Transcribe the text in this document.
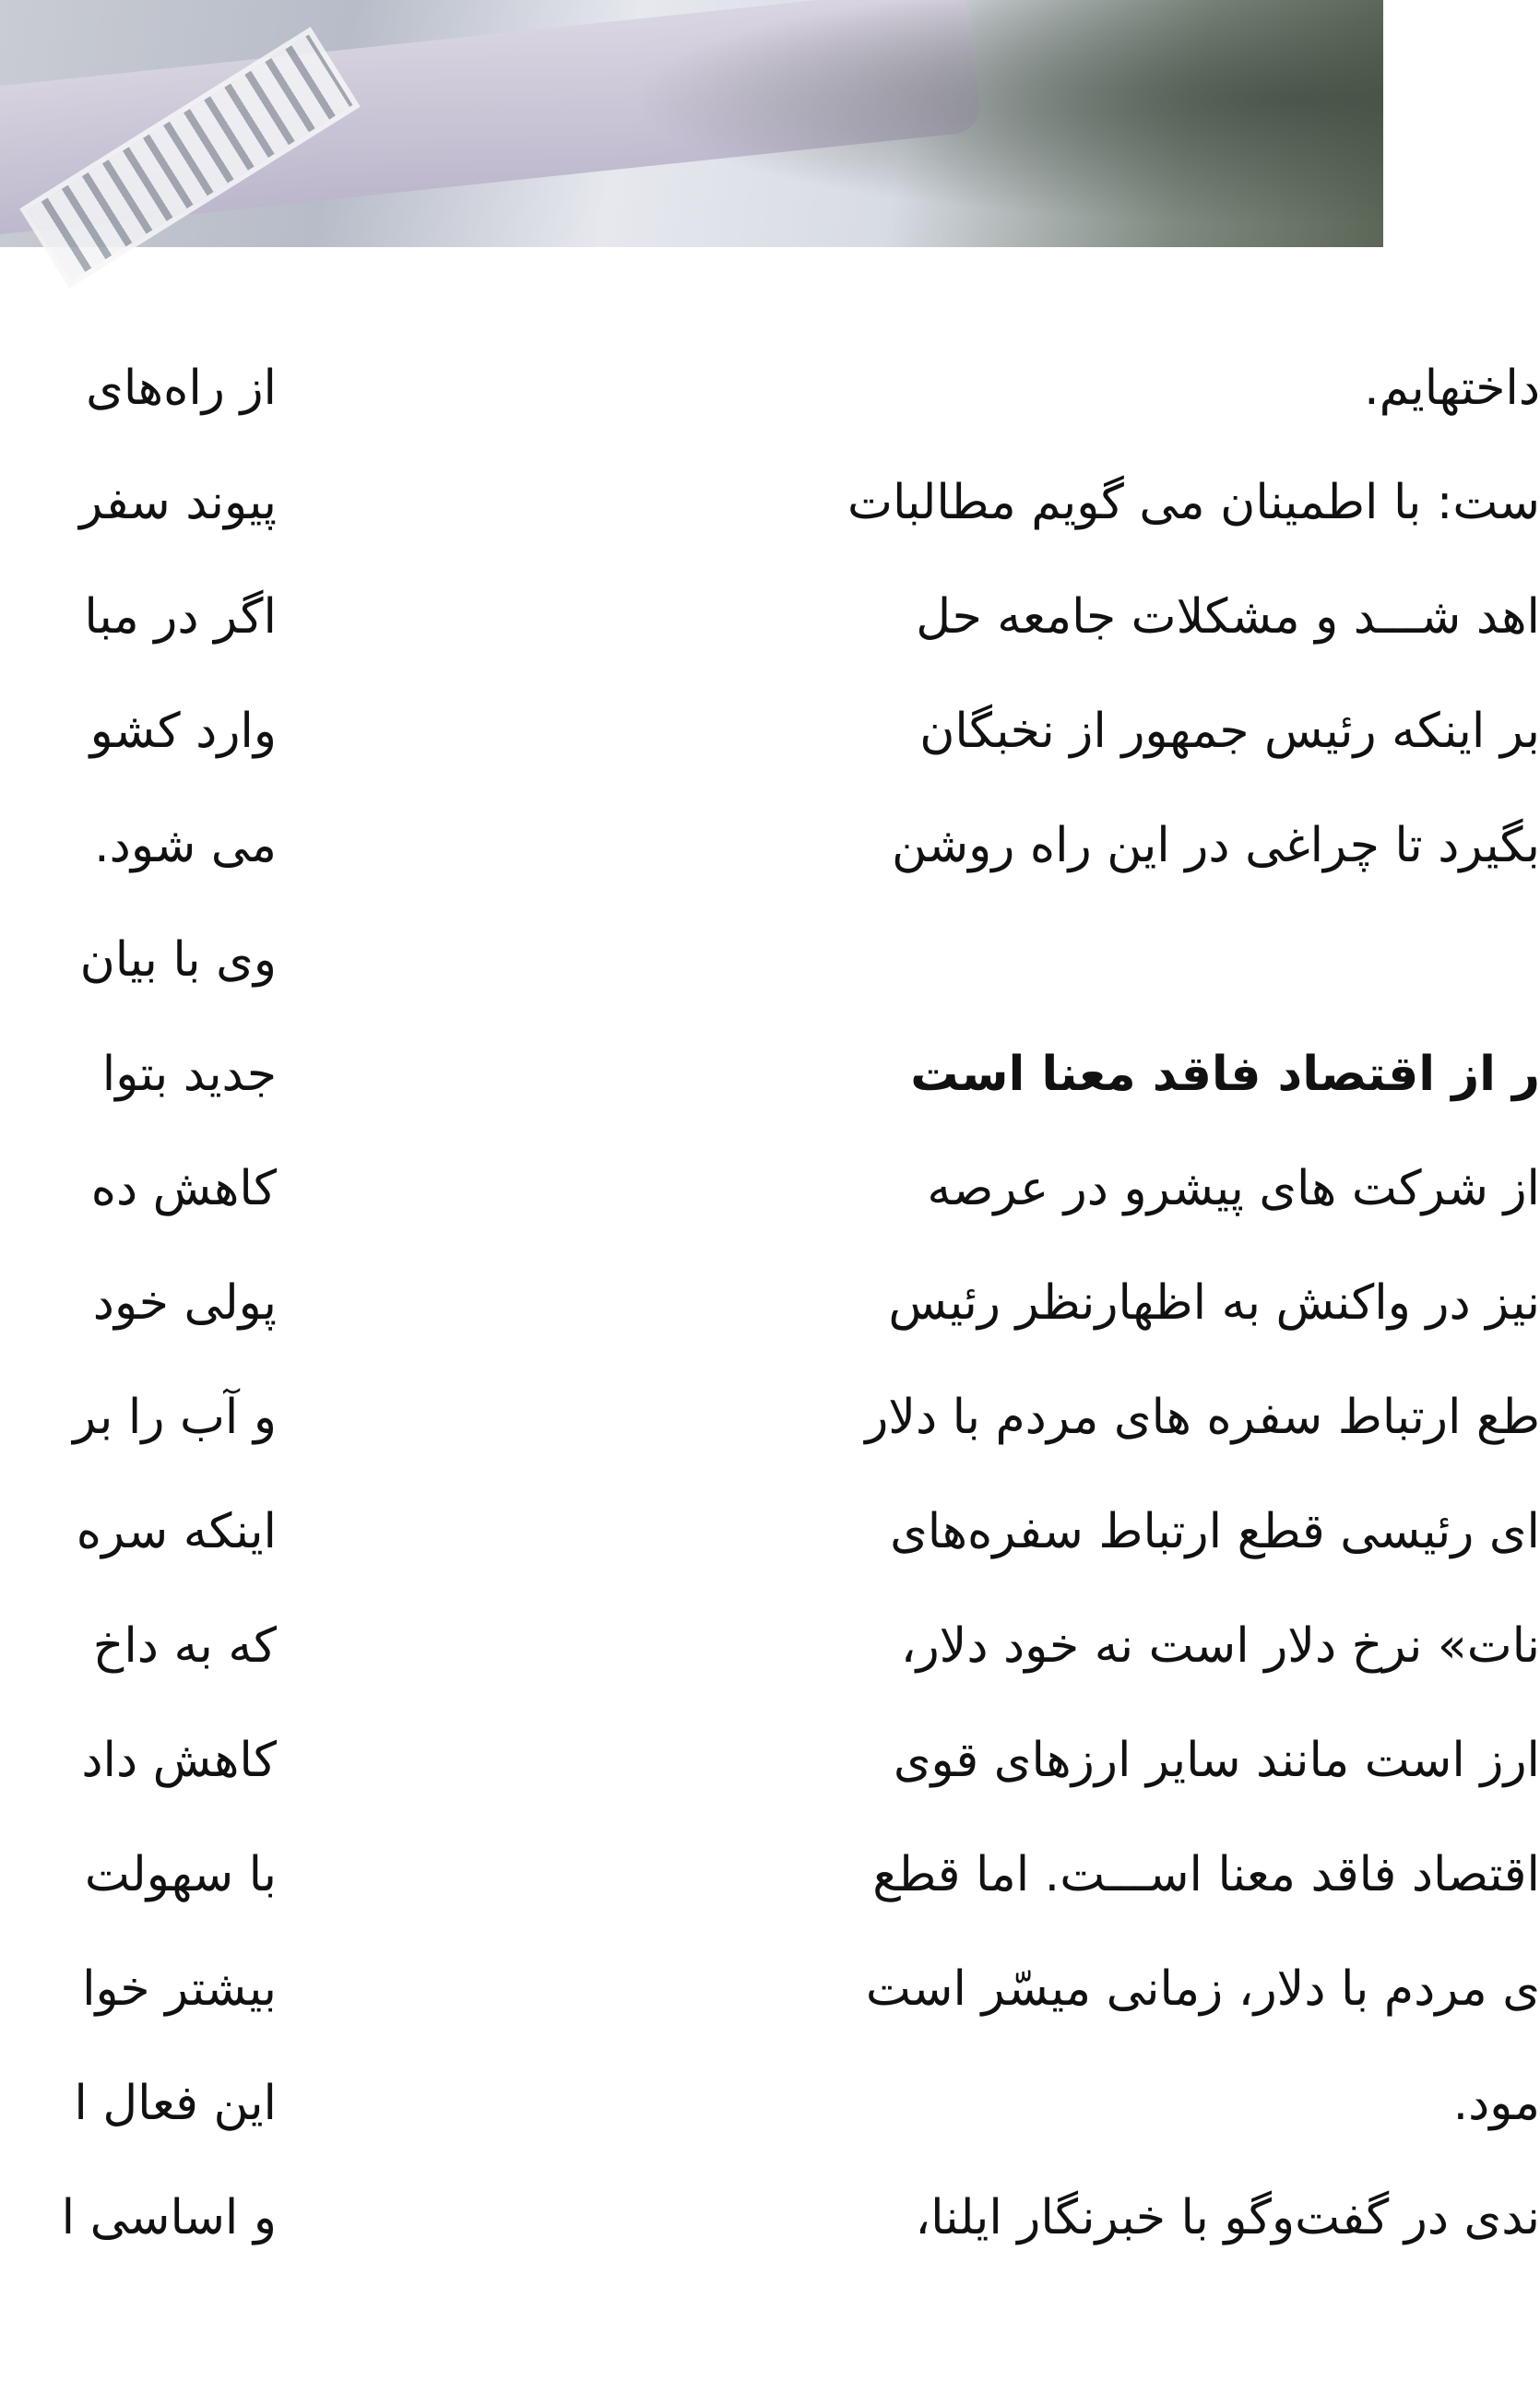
داختهایم.
ست: با اطمینان می گویم مطالبات
اهد شـــد و مشکلات جامعه حل
بر اینکه رئیس جمهور از نخبگان
بگیرد تا چراغی در این راه روشن
ر از اقتصاد فاقد معنا است
از شرکت های پیشرو در عرصه
نیز در واکنش به اظهارنظر رئیس
طع ارتباط سفره های مردم با دلار
ای رئیسی قطع ارتباط سفره‌های
نات» نرخ دلار است نه خود دلار،
ارز است مانند سایر ارزهای قوی
اقتصاد فاقد معنا اســـت. اما قطع
ی مردم با دلار، زمانی میسّر است
مود.
ندی در گفت‌وگو با خبرنگار ایلنا،
از راه‌های
پیوند سفر
اگر در مبا
وارد کشو
می شود.
وی با بیان
جدید بتوا
کاهش ده
پولی خود
و آب را بر
اینکه سره
که به داخ
کاهش داد
با سهولت
بیشتر خوا
این فعال ا
و اساسی ا
